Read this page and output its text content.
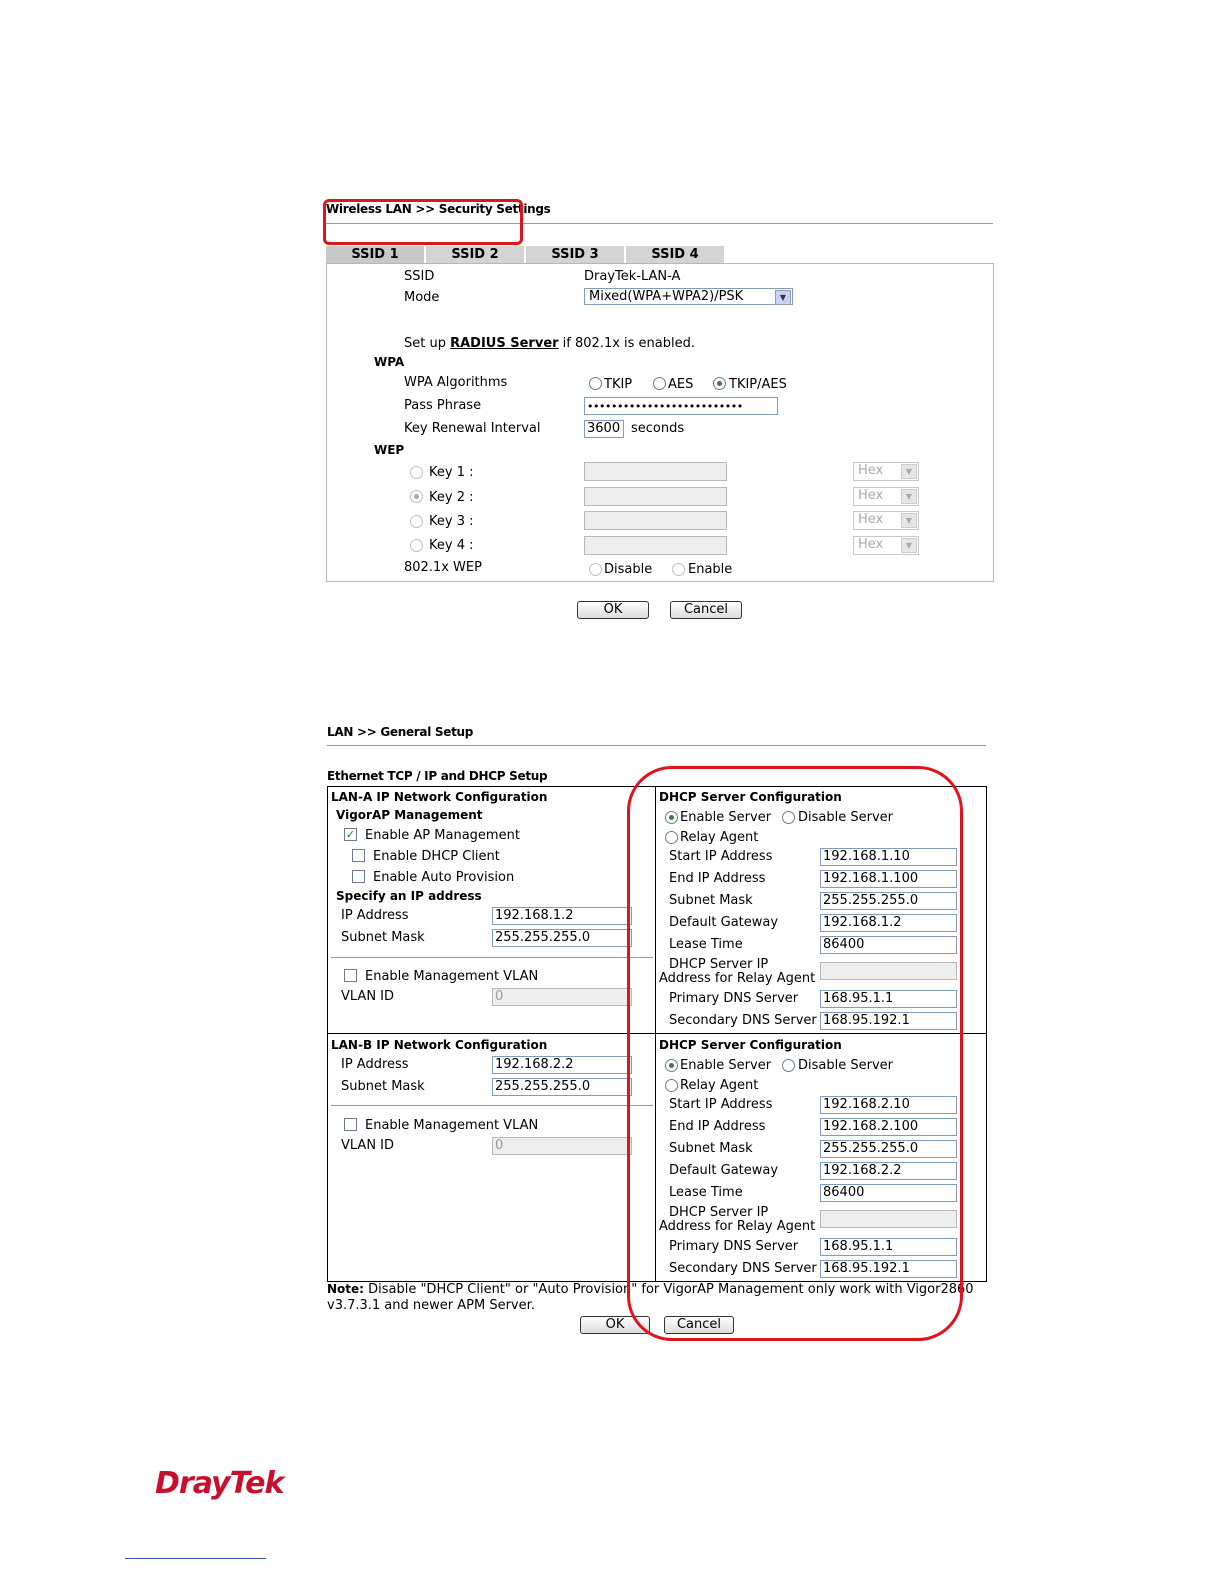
Wireless LAN >> Security Settings
SSID 1	SSID 2	SSID 3	SSID 4
SSID	DrayTek-LAN-A
Mode	Mixed(WPA+WPA2)/PSK	▼
Set up RADIUS Server if 802.1x is enabled.
WPA
WPA Algorithms	TKIP	AES	TKIP/AES
Pass Phrase	••••••••••••••••••••••••••
Key Renewal Interval	3600 seconds
WEP
Key 1 :	Hex	▼
Key 2 :	Hex	▼
Key 3 :	Hex	▼
Key 4 :	Hex	▼
802.1x WEP	Disable	Enable
OK	Cancel
LAN >> General Setup
Ethernet TCP / IP and DHCP Setup
LAN-A IP Network Configuration
VigorAP Management
✓ Enable AP Management
Enable DHCP Client
Enable Auto Provision
Specify an IP address
IP Address	192.168.1.2
Subnet Mask	255.255.255.0
Enable Management VLAN
VLAN ID	0
LAN-B IP Network Configuration
IP Address	192.168.2.2
Subnet Mask	255.255.255.0
Enable Management VLAN
VLAN ID	0
DHCP Server Configuration
Enable Server Disable Server
Relay Agent
Start IP Address	192.168.1.10
End IP Address	192.168.1.100
Subnet Mask	255.255.255.0
Default Gateway	192.168.1.2
Lease Time	86400
DHCP Server IP
Address for Relay Agent
Primary DNS Server 168.95.1.1
Secondary DNS Server 168.95.192.1
DHCP Server Configuration
Enable Server Disable Server
Relay Agent
Start IP Address	192.168.2.10
End IP Address	192.168.2.100
Subnet Mask	255.255.255.0
Default Gateway	192.168.2.2
Lease Time	86400
DHCP Server IP
Address for Relay Agent
Primary DNS Server 168.95.1.1
Secondary DNS Server 168.95.192.1
Note: Disable "DHCP Client" or "Auto Provision" for VigorAP Management only work with Vigor2860
v3.7.3.1 and newer APM Server.
OK	Cancel
DrayTek
